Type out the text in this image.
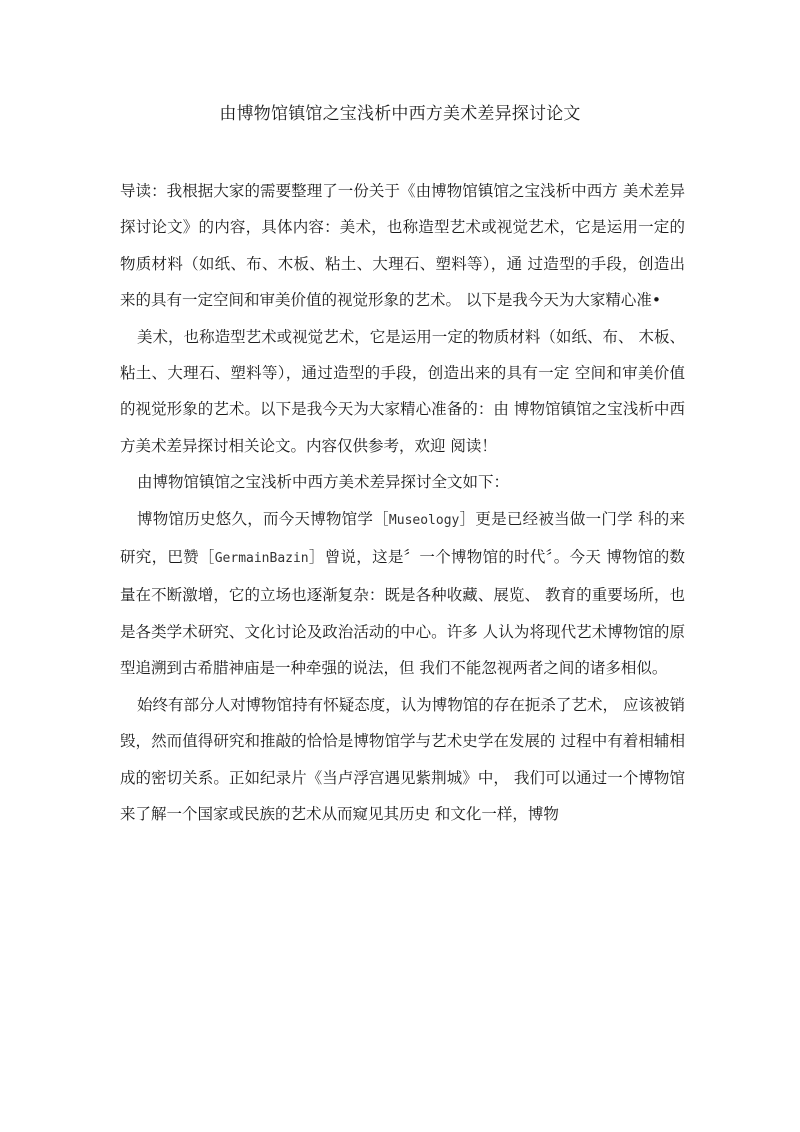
由博物馆镇馆之宝浅析中西方美术差异探讨论文

导读：我根据大家的需要整理了一份关于《由博物馆镇馆之宝浅析中西方 美术差异探讨论文》的内容，具体内容：美术，也称造型艺术或视觉艺术，它是运用一定的物质材料（如纸、布、木板、粘土、大理石、塑料等），通 过造型的手段，创造出来的具有一定空间和审美价值的视觉形象的艺术。 以下是我今天为大家精心准•

美术，也称造型艺术或视觉艺术，它是运用一定的物质材料（如纸、布、 木板、粘土、大理石、塑料等），通过造型的手段，创造出来的具有一定 空间和审美价值的视觉形象的艺术。以下是我今天为大家精心准备的：由 博物馆镇馆之宝浅析中西方美术差异探讨相关论文。内容仅供参考，欢迎 阅读！

由博物馆镇馆之宝浅析中西方美术差异探讨全文如下：

博物馆历史悠久，而今天博物馆学［Museology］更是已经被当做一门学 科的来研究，巴赞［GermainBazin］曾说，这是〞一个博物馆的时代〞。今天 博物馆的数量在不断激增，它的立场也逐渐复杂：既是各种收藏、展览、 教育的重要场所，也是各类学术研究、文化讨论及政治活动的中心。许多 人认为将现代艺术博物馆的原型追溯到古希腊神庙是一种牵强的说法，但 我们不能忽视两者之间的诸多相似。

始终有部分人对博物馆持有怀疑态度，认为博物馆的存在扼杀了艺术， 应该被销毁，然而值得研究和推敲的恰恰是博物馆学与艺术史学在发展的 过程中有着相辅相成的密切关系。正如纪录片《当卢浮宫遇见紫荆城》中， 我们可以通过一个博物馆来了解一个国家或民族的艺术从而窥见其历史 和文化一样，博物
